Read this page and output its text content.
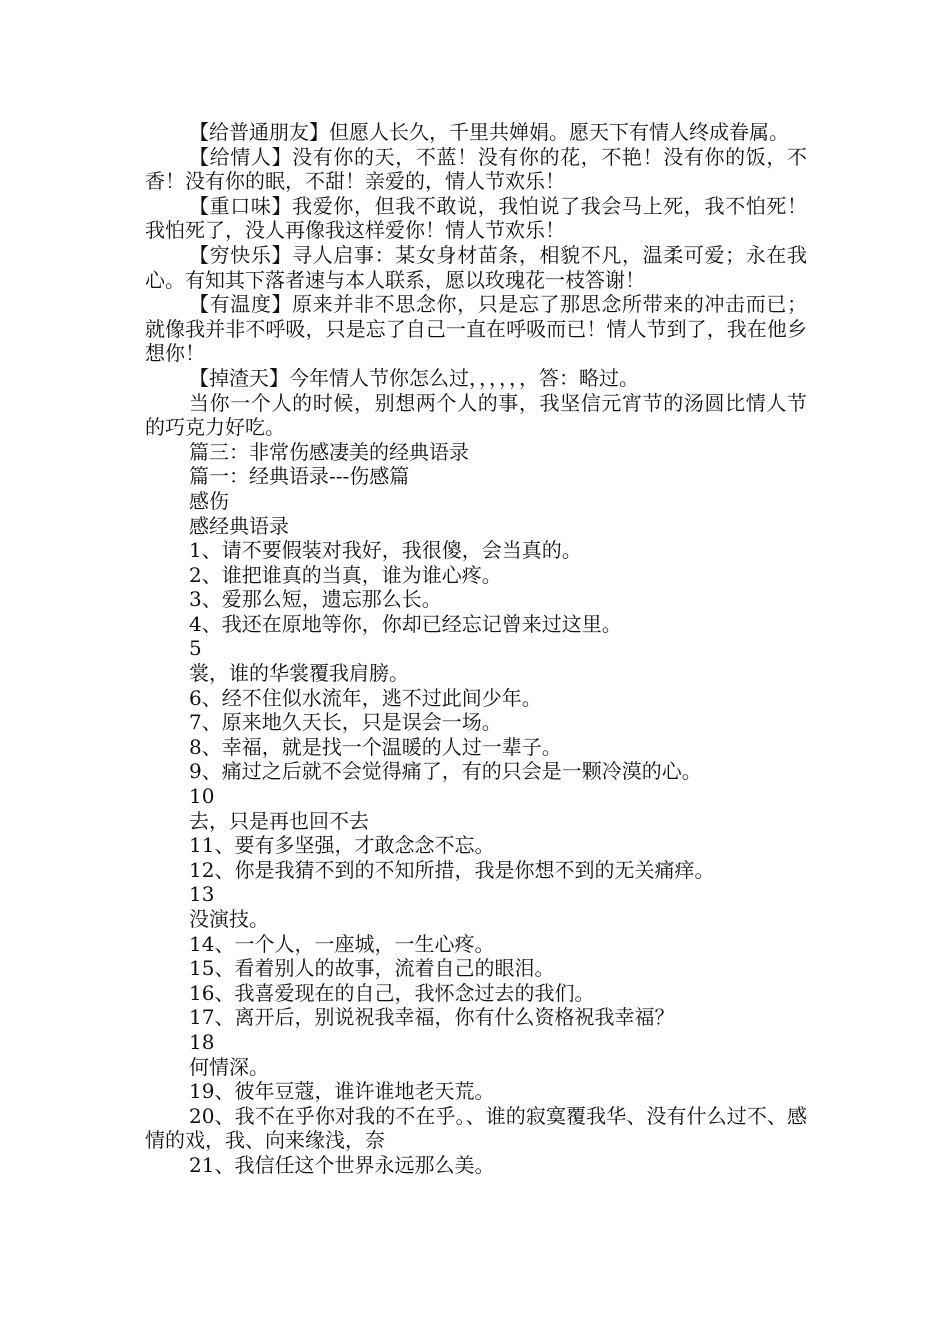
【给普通朋友】但愿人长久，千里共婵娟。愿天下有情人终成眷属。

【给情人】没有你的天，不蓝！没有你的花，不艳！没有你的饭，不香！没有你的眠，不甜！亲爱的，情人节欢乐！

【重口味】我爱你，但我不敢说，我怕说了我会马上死，我不怕死！我怕死了，没人再像我这样爱你！情人节欢乐！

【穷快乐】寻人启事：某女身材苗条，相貌不凡，温柔可爱；永在我心。有知其下落者速与本人联系，愿以玫瑰花一枝答谢！

【有温度】原来并非不思念你，只是忘了那思念所带来的冲击而已；就像我并非不呼吸，只是忘了自己一直在呼吸而已！情人节到了，我在他乡想你！

【掉渣天】今年情人节你怎么过，，，，，，答：略过。

当你一个人的时候，别想两个人的事，我坚信元宵节的汤圆比情人节的巧克力好吃。

篇三：非常伤感凄美的经典语录

篇一：经典语录---伤感篇

感伤

感经典语录

1、请不要假装对我好，我很傻，会当真的。

2、谁把谁真的当真，谁为谁心疼。

3、爱那么短，遗忘那么长。

4、我还在原地等你，你却已经忘记曾来过这里。

5

裳，谁的华裳覆我肩膀。

6、经不住似水流年，逃不过此间少年。

7、原来地久天长，只是误会一场。

8、幸福，就是找一个温暖的人过一辈子。

9、痛过之后就不会觉得痛了，有的只会是一颗冷漠的心。

10

去，只是再也回不去

11、要有多坚强，才敢念念不忘。

12、你是我猜不到的不知所措，我是你想不到的无关痛痒。

13

没演技。

14、一个人，一座城，一生心疼。

15、看着别人的故事，流着自己的眼泪。

16、我喜爱现在的自己，我怀念过去的我们。

17、离开后，别说祝我幸福，你有什么资格祝我幸福？

18

何情深。

19、彼年豆蔻，谁许谁地老天荒。

20、我不在乎你对我的不在乎。、谁的寂寞覆我华、没有什么过不、感情的戏，我、向来缘浅，奈

21、我信任这个世界永远那么美。
